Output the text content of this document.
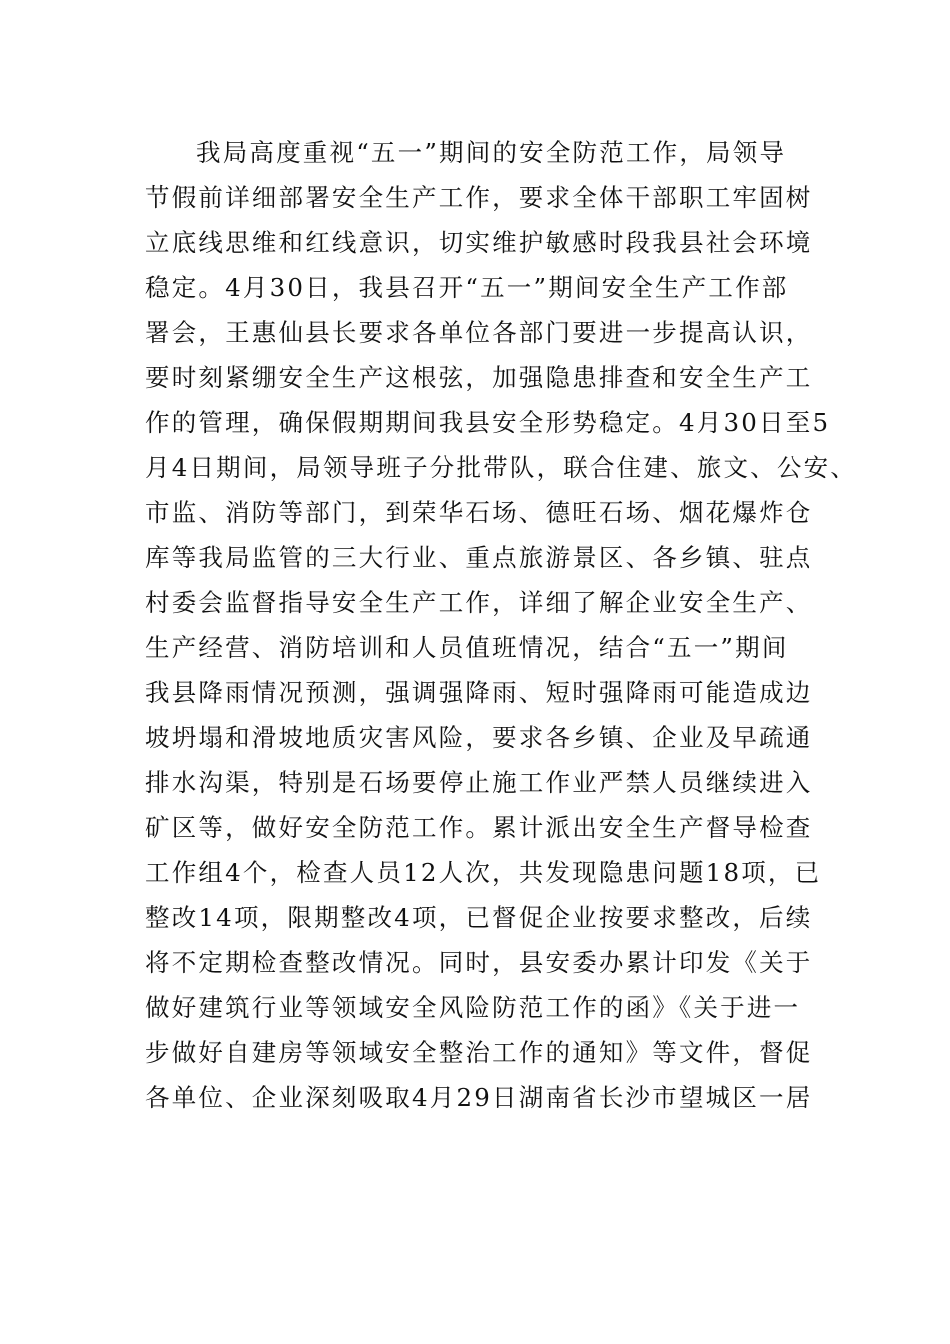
我局高度重视“五一”期间的安全防范工作，局领导
节假前详细部署安全生产工作，要求全体干部职工牢固树
立底线思维和红线意识，切实维护敏感时段我县社会环境
稳定。4月30日，我县召开“五一”期间安全生产工作部
署会，王惠仙县长要求各单位各部门要进一步提高认识，
要时刻紧绷安全生产这根弦，加强隐患排查和安全生产工
作的管理，确保假期期间我县安全形势稳定。4月30日至5
月4日期间，局领导班子分批带队，联合住建、旅文、公安、
市监、消防等部门，到荣华石场、德旺石场、烟花爆炸仓
库等我局监管的三大行业、重点旅游景区、各乡镇、驻点
村委会监督指导安全生产工作，详细了解企业安全生产、
生产经营、消防培训和人员值班情况，结合“五一”期间
我县降雨情况预测，强调强降雨、短时强降雨可能造成边
坡坍塌和滑坡地质灾害风险，要求各乡镇、企业及早疏通
排水沟渠，特别是石场要停止施工作业严禁人员继续进入
矿区等，做好安全防范工作。累计派出安全生产督导检查
工作组4个，检查人员12人次，共发现隐患问题18项，已
整改14项，限期整改4项，已督促企业按要求整改，后续
将不定期检查整改情况。同时，县安委办累计印发《关于
做好建筑行业等领域安全风险防范工作的函》《关于进一
步做好自建房等领域安全整治工作的通知》等文件，督促
各单位、企业深刻吸取4月29日湖南省长沙市望城区一居
